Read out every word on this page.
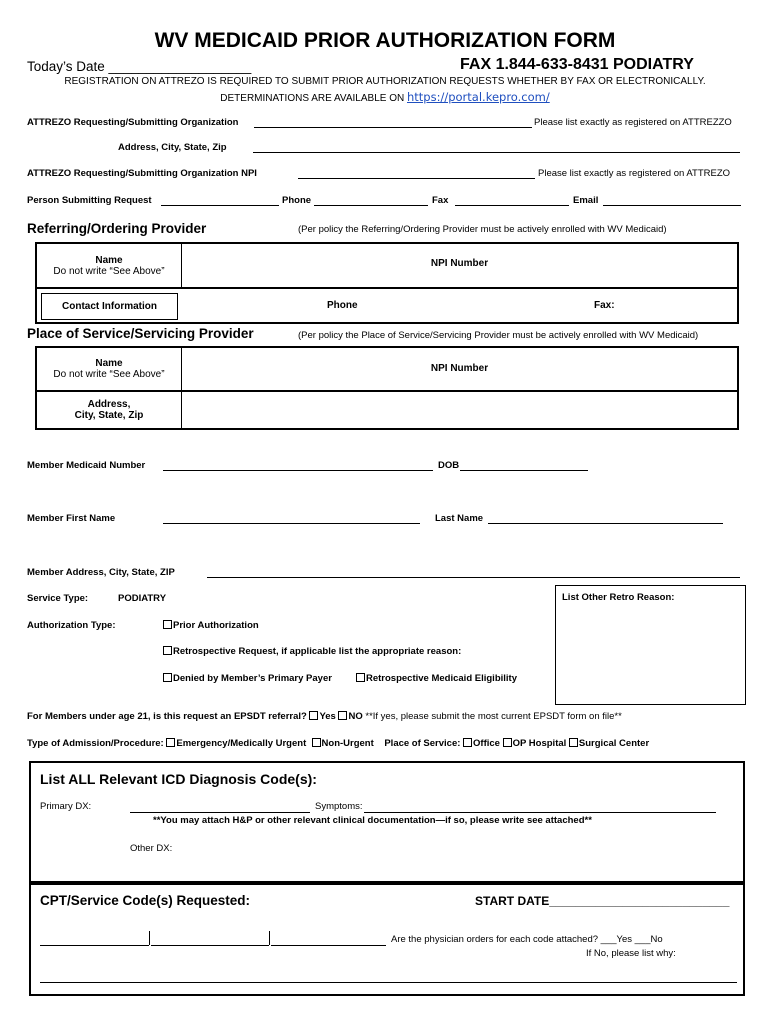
WV MEDICAID PRIOR AUTHORIZATION FORM
Today’s Date ___________________	FAX 1.844-633-8431 PODIATRY
REGISTRATION ON ATTREZO IS REQUIRED TO SUBMIT PRIOR AUTHORIZATION REQUESTS WHETHER BY FAX OR ELECTRONICALLY.
DETERMINATIONS ARE AVAILABLE ON https://portal.kepro.com/
ATTREZO Requesting/Submitting Organization	Please list exactly as registered on ATTREZZO
Address, City, State, Zip
ATTREZO Requesting/Submitting Organization NPI	Please list exactly as registered on ATTREZO
Person Submitting Request	Phone	Fax	Email
Referring/Ordering Provider	(Per policy the Referring/Ordering Provider must be actively enrolled with WV Medicaid)
Name
Do not write “See Above”
NPI Number
Contact Information	Phone	Fax:
Place of Service/Servicing Provider	(Per policy the Place of Service/Servicing Provider must be actively enrolled with WV Medicaid)
Name
Do not write “See Above”
NPI Number
Address,
City, State, Zip
Member Medicaid Number	DOB
Member First Name	Last Name
Member Address, City, State, ZIP
Service Type:	PODIATRY	List Other Retro Reason:
Authorization Type:	Prior Authorization
Retrospective Request, if applicable list the appropriate reason:
Denied by Member’s Primary Payer	Retrospective Medicaid Eligibility
For Members under age 21, is this request an EPSDT referral? Yes NO **If yes, please submit the most current EPSDT form on file**
Type of Admission/Procedure: Emergency/Medically Urgent Non-Urgent Place of Service: Office OP Hospital Surgical Center
List ALL Relevant ICD Diagnosis Code(s):
Primary DX:	Symptoms:
**You may attach H&P or other relevant clinical documentation—if so, please write see attached**
Other DX:
CPT/Service Code(s) Requested:	START DATE___________________________
Are the physician orders for each code attached? ___Yes ___No
If No, please list why:
